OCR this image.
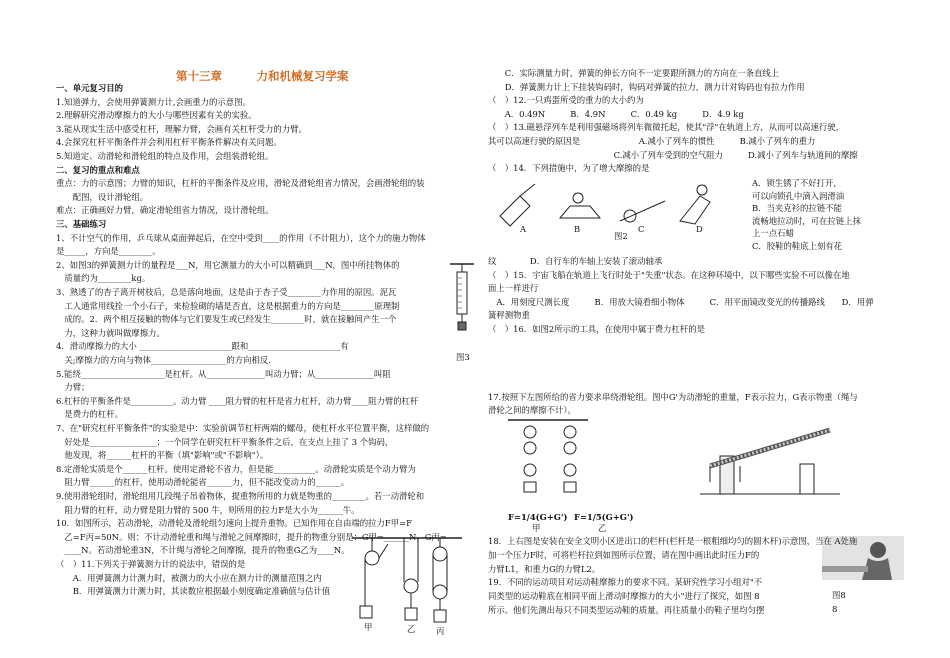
第十三章　　　力和机械复习学案
一、单元复习目的
1.知道弹力，会使用弹簧测力计,会画重力的示意图。
2.理解研究滑动摩擦力的大小与哪些因素有关的实验。
3.能从现实生活中感受杠杆，理解力臂，会画有关杠杆受力的力臂。
4.会探究杠杆平衡条件并会利用杠杆平衡条件解决有关问题。
5.知道定、动滑轮和滑轮组的特点及作用，会组装滑轮组。
二、复习的重点和难点
重点：力的示意图；力臂的知识，杠杆的平衡条件及应用，滑轮及滑轮组省力情况，会画滑轮组的装
　　配图，设计滑轮组。
难点：正确画好力臂，确定滑轮组省力情况，设计滑轮组。
三、基础练习
1、不计空气的作用，乒乓球从桌面弹起后，在空中受到____的作用（不计阻力），这个力的施力物体
是_____，方向是________。
2、如图3的弹簧测力计的量程是___N，用它测量力的大小可以精确到___N，图中所挂物体的
　质量约为________kg。
3、熟透了的杏子离开树枝后，总是落向地面，这是由于杏子受________力作用的原因。泥瓦
　工人通常用线拴一个小石子，来检验砌的墙是否直，这是根据重力的方向是________原理制
　成的。2．两个相互接触的物体与它们要发生或已经发生________时，就在接触间产生一个
　力，这种力就叫做摩擦力。
4．滑动摩擦力的大小 ______________________跟和______________________有
　关;摩擦力的方向与物体__________________的方向相反.
5.能绕____________________是杠杆。从______________叫动力臂；从______________叫阻
　力臂；
6.杠杆的平衡条件是__________。动力臂 ____阻力臂的杠杆是省力杠杆，动力臂____阻力臂的杠杆
　是费力的杠杆。
7、在"研究杠杆平衡条件"的实验是中：实验前调节杠杆两端的螺母，使杠杆水平位置平衡，这样做的
　好处是________________；一个同学在研究杠杆平衡条件之后，在支点上挂了 3 个钩码，
　他发现，将______杠杆的平衡（填"影响"或"不影响"）。
8.定滑轮实质是个______杠杆。使用定滑轮不省力，但是能__________。动滑轮实质是个动力臂为
　阻力臂______的杠杆，使用动滑轮能省______力，但不能改变动力的______。
9.使用滑轮组时，滑轮组用几段绳子吊着物体，提重物所用的力就是物重的________。若一动滑轮和
　阻力臂的杠杆，动力臂是阻力臂的 500 牛，则所用的拉力F是大小为______牛。
10．如图所示，若动滑轮，动滑轮及滑轮组匀速向上提升重物。已知作用在自由端的拉力F甲=F
　乙=F丙=50N。则：不计动滑轮重和绳与滑轮之间摩擦时，提升的物重分别是：G甲=______N，G丙=
　____N。若动滑轮重3N，不计绳与滑轮之间摩擦，提升的物重G乙为____N。
（　）11.下列关于弹簧测力计的说法中，错误的是
　　A．用弹簧测力计测力时，被测力的大小应在测力计的测量范围之内
　　B．用弹簧测力计测力时，其读数应根据最小刻度确定准确值与估计值
图3
甲	乙 丙
　　C．实际测量力时，弹簧的伸长方向不一定要跟所测力的方向在一条直线上
　　D．弹簧测力计上下挂装钩码时，钩码对弹簧的拉力，测力计对钩码也有拉力作用
（　）12.一只鸡蛋所受的重力的大小约为
　　A．0.49N　　　B．4.9N　　　C．0.49 kg　　　D．4.9 kg
（　）13.磁悬浮列车是利用强磁场将列车微微托起，使其"浮"在轨道上方，从而可以高速行驶，
其可以高速行驶的原因是　　　　　　　A.减小了列车的惯性　　　B.减小了列车的重力
　　　　　　　　　　　　　　　C.减小了列车受到的空气阻力　　　D.减小了列车与轨道间的摩擦
（　）14．下列措施中，为了增大摩擦的是
A	B	C	D
图2
A．锁生锈了不好打开，
可以向锁孔中滴入润滑油
B．当夹克衫的拉链不能
流畅地拉动时，可在拉链上抹
上一点石蜡
C．胶鞋的鞋底上刻有花
纹　　　　D．自行车的车轴上安装了滚动轴承
（　）15．宇宙飞船在轨道上飞行时处于"失重"状态。在这种环境中，以下哪些实验不可以像在地
面上一样进行
　A．用刻度尺测长度　　　B．用放大镜看细小物体　　　C．用平面镜改变光的传播路线　　D．用弹
簧秤测物重
（　）16．如图2所示的工具，在使用中属于费力杠杆的是
17.按照下左图所给的省力要求串绕滑轮组。图中G'为动滑轮的重量，F表示拉力，G表示物重（绳与
滑轮之间的摩擦不计）。
F=1/4(G+G')
甲
F=1/5(G+G')
乙
图8
8
18．上右图是安装在安全文明小区进出口的栏杆(栏杆是一根粗细均匀的圆木杆)示意图，当在 A处施
加一个压力F时，可将栏杆拉到如图所示位置，请在图中画出此时压力F的
力臂L1，和重力G的力臂L2。
19．不同的运动项目对运动鞋摩擦力的要求不同。某研究性学习小组对"不
同类型的运动鞋底在相同平面上滑动时摩擦力的大小"进行了探究，如图 8
所示。他们先测出每只不同类型运动鞋的质量。再往质量小的鞋子里均匀摆
